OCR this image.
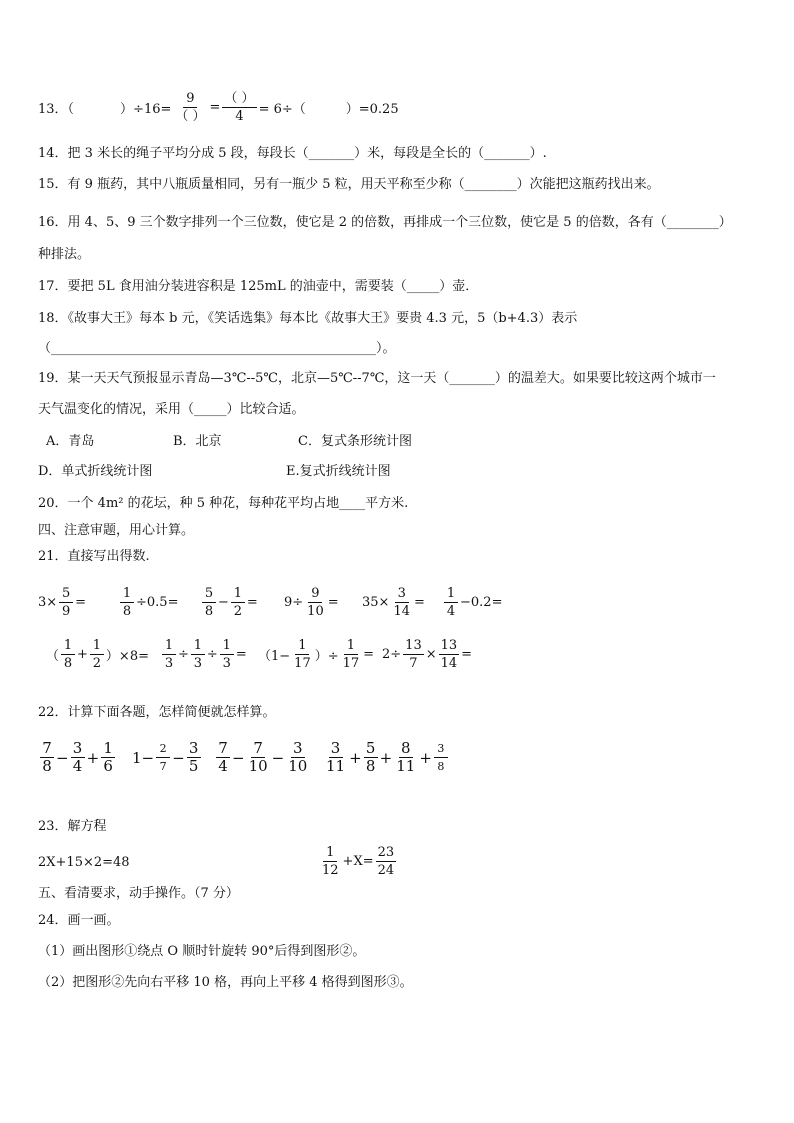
13．（	）$\div 16= \frac{9}{( )} = \frac{( )}{4} = 6\div$（	）=0.25
14．把 3 米长的绳子平均分成 5 段，每段长（_______）米，每段是全长的（_______）.
15．有 9 瓶药，其中八瓶质量相同，另有一瓶少 5 粒，用天平称至少称（________）次能把这瓶药找出来。
16．用 4、5、9 三个数字排列一个三位数，使它是 2 的倍数，再排成一个三位数，使它是 5 的倍数，各有（________）
种排法。
17．要把 5L 食用油分装进容积是 125mL 的油壶中，需要装（_____）壶．
18．《故事大王》每本 b 元，《笑话选集》每本比《故事大王》要贵 4.3 元，5（b+4.3）表示
（__________________________________________________）。
19．某一天天气预报显示青岛—3℃--5℃，北京—5℃--7℃，这一天（_______）的温差大。如果要比较这两个城市一
天气温变化的情况，采用（_____）比较合适。
A．青岛	B．北京	C．复式条形统计图
D．单式折线统计图	E.复式折线统计图
20．一个 4m² 的花坛，种 5 种花，每种花平均占地____平方米.
四、注意审题，用心计算。
21．直接写出得数.
$3\times \frac{5}{9}$ =	$\frac{1}{8} \div 0.5= \frac{5}{8} - \frac{1}{2} = 9\div \frac{9}{10} = 35\times \frac{3}{14} = \frac{1}{4} -0.2=$
（ $\frac{1}{8} + \frac{1}{2} )\times 8= \frac{1}{3} \div \frac{1}{3} \div \frac{1}{3} = (1- \frac{1}{17}$ ）÷ $\frac{1}{17} = 2\div \frac{13}{7} \times \frac{13}{14}$ =
22．计算下面各题，怎样简便就怎样算。
$\frac{7}{8} - \frac{3}{4} + \frac{1}{6} 1- \frac{2}{7} - \frac{3}{5} \frac{7}{4} - \frac{7}{10} - \frac{3}{10} \frac{3}{11} + \frac{5}{8} + \frac{8}{11} + \frac{3}{8}$
23．解方程
2X+15×2=48	$\frac{1}{12} +X= \frac{23}{24}$
五、看清要求，动手操作。（7 分）
24．画一画。
（1）画出图形①绕点 O 顺时针旋转 90°后得到图形②。
（2）把图形②先向右平移 10 格，再向上平移 4 格得到图形③。
